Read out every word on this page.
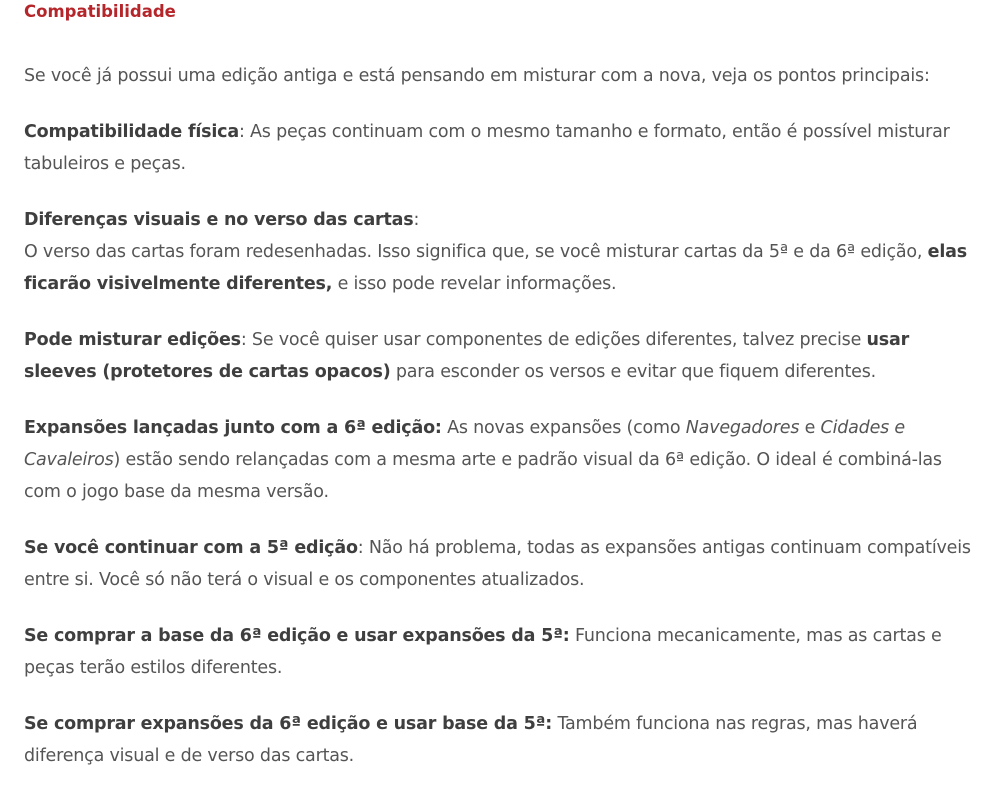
Compatibilidade

Se você já possui uma edição antiga e está pensando em misturar com a nova, veja os pontos principais:

Compatibilidade física: As peças continuam com o mesmo tamanho e formato, então é possível misturar tabuleiros e peças.

Diferenças visuais e no verso das cartas:
O verso das cartas foram redesenhadas. Isso significa que, se você misturar cartas da 5ª e da 6ª edição, elas ficarão visivelmente diferentes, e isso pode revelar informações.

Pode misturar edições: Se você quiser usar componentes de edições diferentes, talvez precise usar sleeves (protetores de cartas opacos) para esconder os versos e evitar que fiquem diferentes.

Expansões lançadas junto com a 6ª edição: As novas expansões (como Navegadores e Cidades e Cavaleiros) estão sendo relançadas com a mesma arte e padrão visual da 6ª edição. O ideal é combiná-las com o jogo base da mesma versão.

Se você continuar com a 5ª edição: Não há problema, todas as expansões antigas continuam compatíveis entre si. Você só não terá o visual e os componentes atualizados.

Se comprar a base da 6ª edição e usar expansões da 5ª: Funciona mecanicamente, mas as cartas e peças terão estilos diferentes.

Se comprar expansões da 6ª edição e usar base da 5ª: Também funciona nas regras, mas haverá diferença visual e de verso das cartas.
